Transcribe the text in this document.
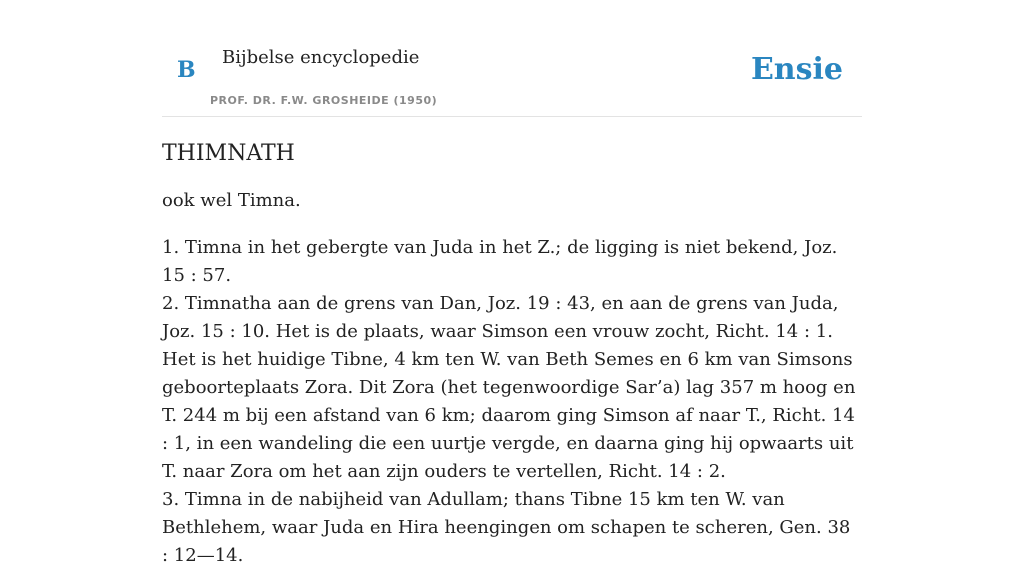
B Bijbelse encyclopedie
PROF. DR. F.W. GROSHEIDE (1950)
Ensie
THIMNATH

ook wel Timna.

1. Timna in het gebergte van Juda in het Z.; de ligging is niet bekend, Joz. 15 : 57.
2. Timnatha aan de grens van Dan, Joz. 19 : 43, en aan de grens van Juda, Joz. 15 : 10. Het is de plaats, waar Simson een vrouw zocht, Richt. 14 : 1. Het is het huidige Tibne, 4 km ten W. van Beth Semes en 6 km van Simsons geboorteplaats Zora. Dit Zora (het tegenwoordige Sar’a) lag 357 m hoog en T. 244 m bij een afstand van 6 km; daarom ging Simson af naar T., Richt. 14 : 1, in een wandeling die een uurtje vergde, en daarna ging hij opwaarts uit T. naar Zora om het aan zijn ouders te vertellen, Richt. 14 : 2.
3. Timna in de nabijheid van Adullam; thans Tibne 15 km ten W. van Bethlehem, waar Juda en Hira heengingen om schapen te scheren, Gen. 38 : 12—14.
